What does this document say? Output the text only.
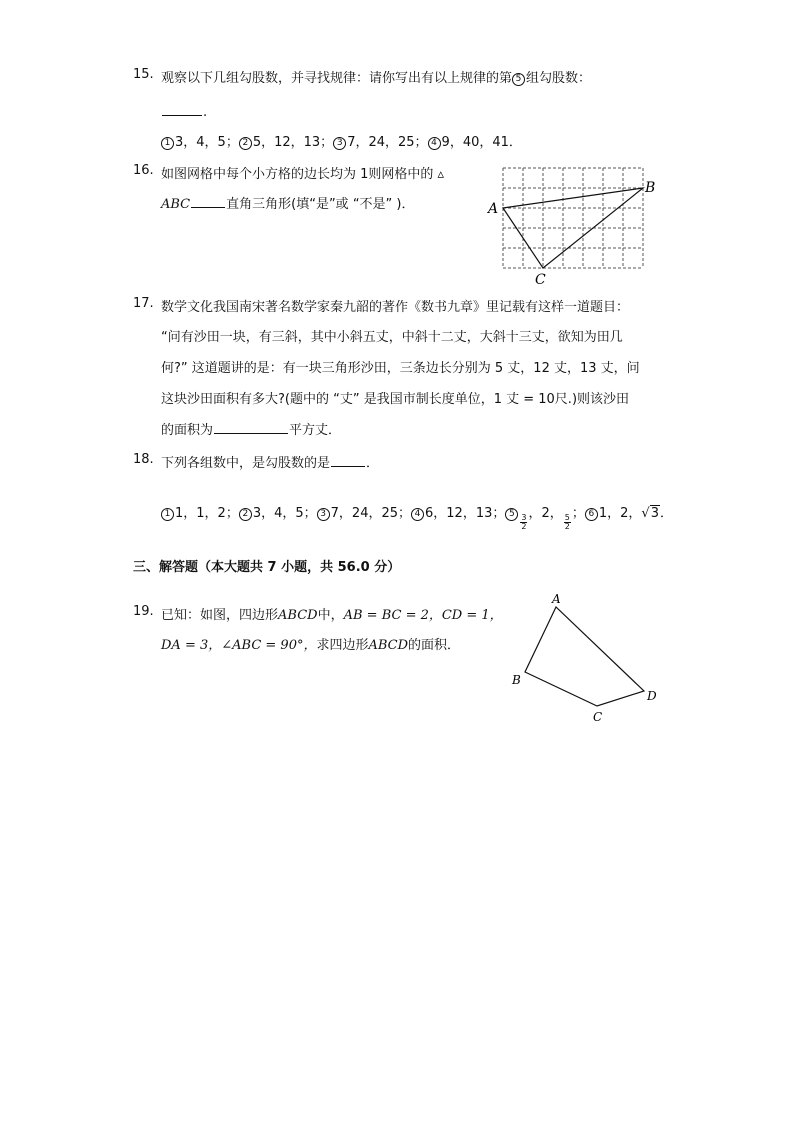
15. 观察以下几组勾股数，并寻找规律：请你写出有以上规律的第 5 组勾股数：
.
1 3，4，5； 2 5，12，13； 3 7，24，25； 4 9，40，41．
16. 如图网格中每个小方格的边长均为 1则网格中的 ▵
ABC	直角三角形(填“是”或 “不是” )．	A
B
C
17. 数学文化我国南宋著名数学家秦九韶的著作《数书九章》里记载有这样一道题目：
“问有沙田一块，有三斜，其中小斜五丈，中斜十二丈，大斜十三丈，欲知为田几
何?” 这道题讲的是：有一块三角形沙田，三条边长分别为 5 丈，12 丈，13 丈，问
这块沙田面积有多大?(题中的 “丈” 是我国市制长度单位，1 丈 = 10尺.)则该沙田
的面积为	平方丈．
18. 下列各组数中，是勾股数的是	．
1 1，1，2； 2 3，4，5； 3 7，24，25； 4 6，12，13； $5 \frac{3}{2}$
，2，
$\frac{5}{2}$
； 6 1，2，√3．
三、解答题（本大题共 7 小题，共 56.0 分）
19. 已知：如图，四边形ABCD中，AB = BC = 2，CD = 1，
DA = 3，∠ABC = 90°，求四边形ABCD的面积．
A
B
C
D
